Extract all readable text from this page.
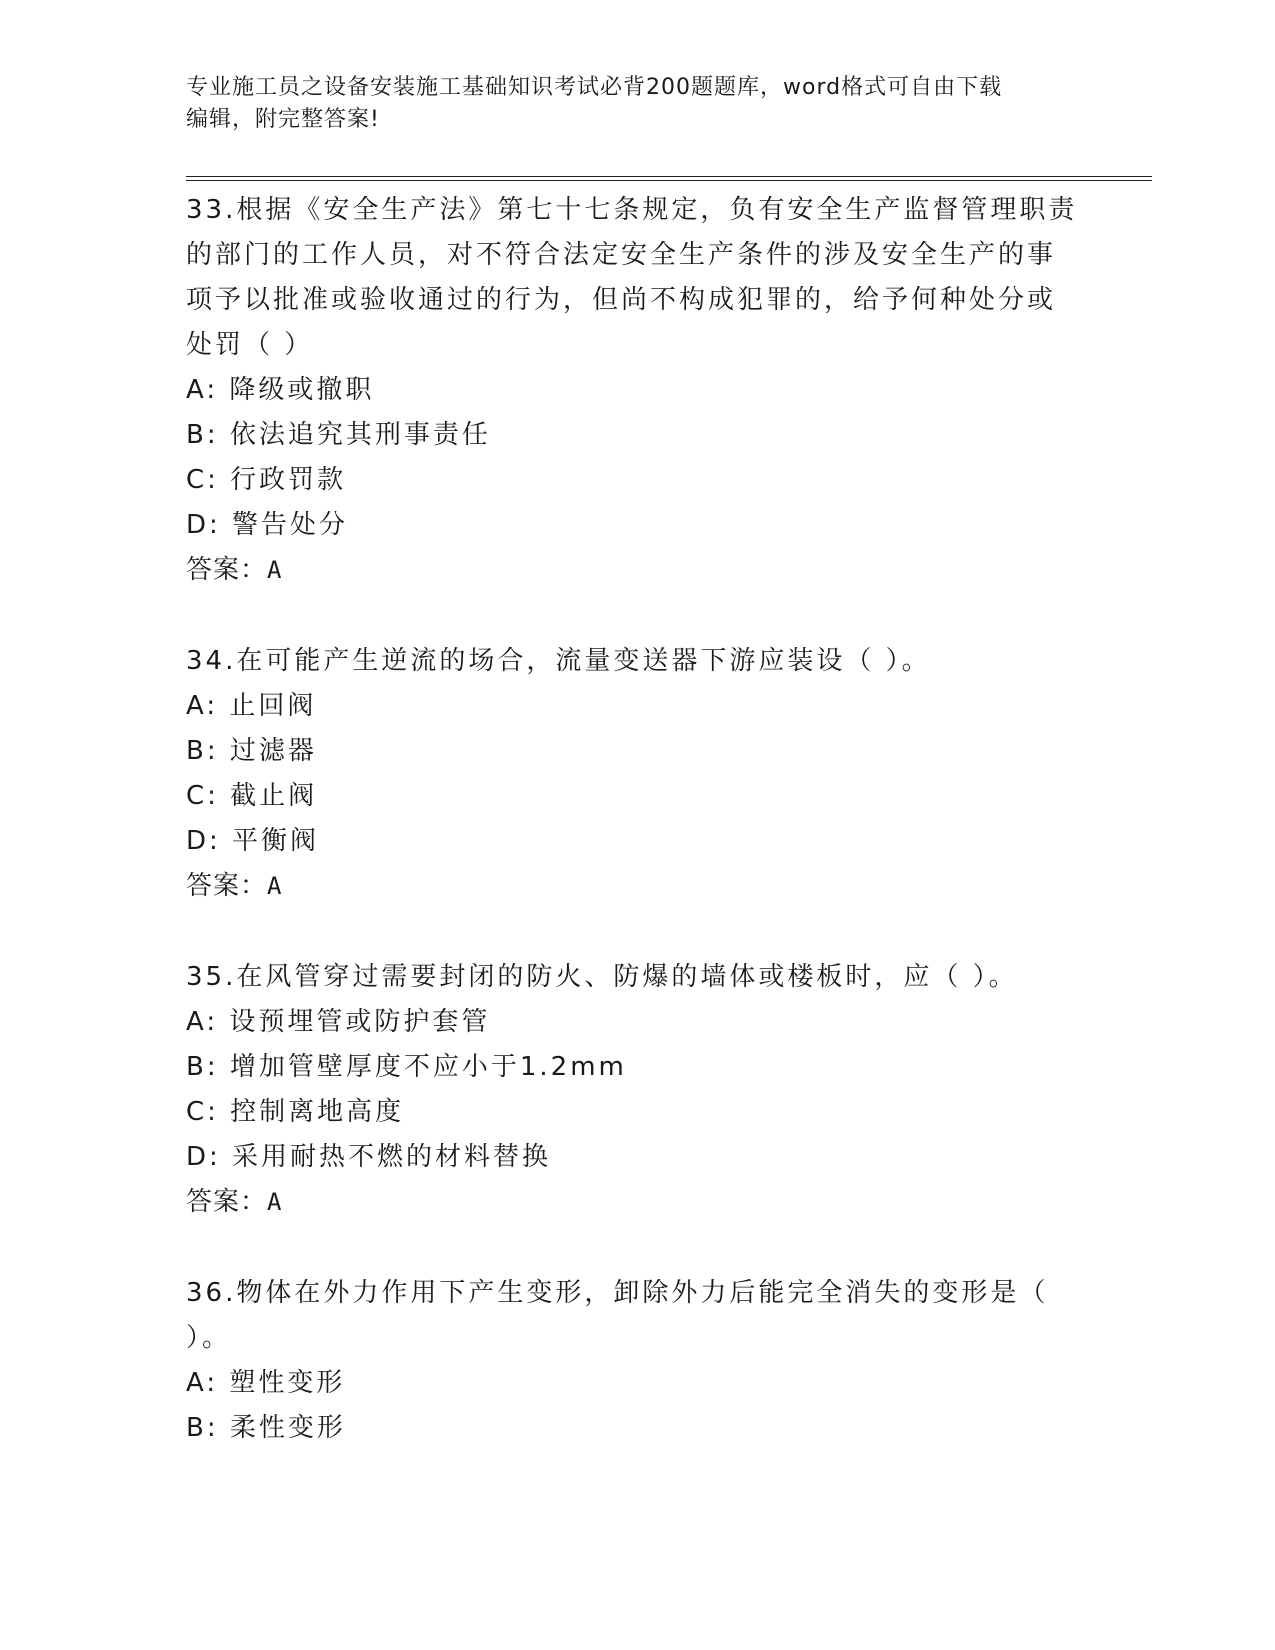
专业施工员之设备安装施工基础知识考试必背200题题库，word格式可自由下载
编辑，附完整答案!
33.根据《安全生产法》第七十七条规定，负有安全生产监督管理职责
的部门的工作人员，对不符合法定安全生产条件的涉及安全生产的事
项予以批准或验收通过的行为，但尚不构成犯罪的，给予何种处分或
处罚（ ）
A: 降级或撤职
B: 依法追究其刑事责任
C: 行政罚款
D: 警告处分
答案：A
34.在可能产生逆流的场合，流量变送器下游应装设（ ）。
A: 止回阀
B: 过滤器
C: 截止阀
D: 平衡阀
答案：A
35.在风管穿过需要封闭的防火、防爆的墙体或楼板时，应（ ）。
A: 设预埋管或防护套管
B: 增加管壁厚度不应小于1.2mm
C: 控制离地高度
D: 采用耐热不燃的材料替换
答案：A
36.物体在外力作用下产生变形，卸除外力后能完全消失的变形是（
）。
A: 塑性变形
B: 柔性变形
